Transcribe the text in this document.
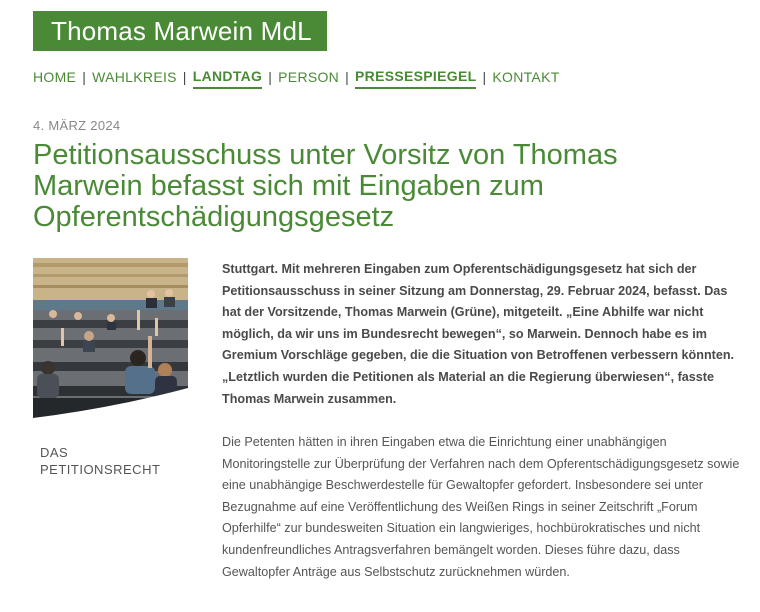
Thomas Marwein MdL
HOME | WAHLKREIS | LANDTAG | PERSON | PRESSESPIEGEL | KONTAKT
4. MÄRZ 2024
Petitionsausschuss unter Vorsitz von Thomas Marwein befasst sich mit Eingaben zum Opferentschädigungsgesetz
DAS PETITIONSRECHT

Stuttgart. Mit mehreren Eingaben zum Opferentschädigungsgesetz hat sich der Petitionsausschuss in seiner Sitzung am Donnerstag, 29. Februar 2024, befasst. Das hat der Vorsitzende, Thomas Marwein (Grüne), mitgeteilt. „Eine Abhilfe war nicht möglich, da wir uns im Bundesrecht bewegen“, so Marwein. Dennoch habe es im Gremium Vorschläge gegeben, die die Situation von Betroffenen verbessern könnten. „Letztlich wurden die Petitionen als Material an die Regierung überwiesen“, fasste Thomas Marwein zusammen.

Die Petenten hätten in ihren Eingaben etwa die Einrichtung einer unabhängigen Monitoringstelle zur Überprüfung der Verfahren nach dem Opferentschädigungsgesetz sowie eine unabhängige Beschwerdestelle für Gewaltopfer gefordert. Insbesondere sei unter Bezugnahme auf eine Veröffentlichung des Weißen Rings in seiner Zeitschrift „Forum Opferhilfe“ zur bundesweiten Situation ein langwieriges, hochbürokratisches und nicht kundenfreundliches Antragsverfahren bemängelt worden. Dieses führe dazu, dass Gewaltopfer Anträge aus Selbstschutz zurücknehmen würden.
